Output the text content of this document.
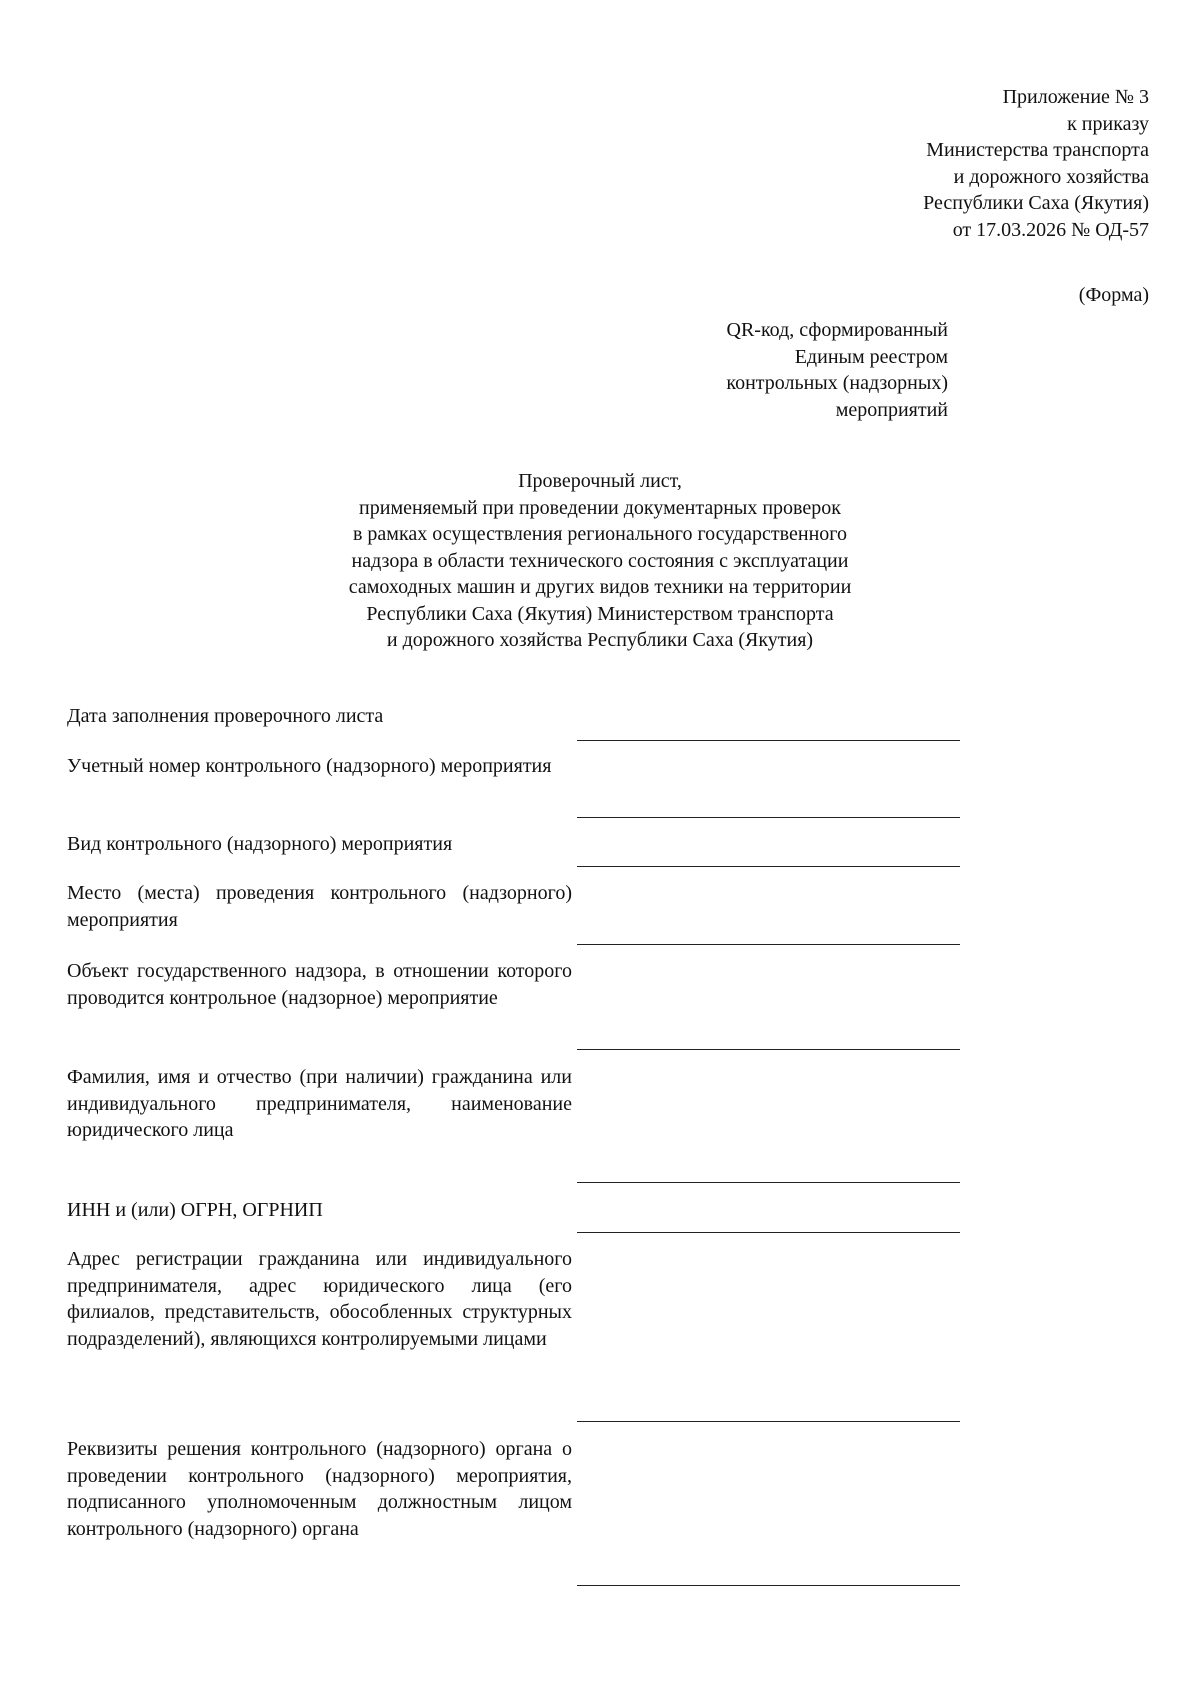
Приложение № 3
к приказу
Министерства транспорта
и дорожного хозяйства
Республики Саха (Якутия)
от 17.03.2026 № ОД-57
(Форма)
QR-код, сформированный
Единым реестром
контрольных (надзорных)
мероприятий
Проверочный лист,
применяемый при проведении документарных проверок
в рамках осуществления регионального государственного
надзора в области технического состояния с эксплуатации
самоходных машин и других видов техники на территории
Республики Саха (Якутия) Министерством транспорта
и дорожного хозяйства Республики Саха (Якутия)
Дата заполнения проверочного листа
Учетный номер контрольного (надзорного) мероприятия
Вид контрольного (надзорного) мероприятия
Место (места) проведения контрольного (надзорного) мероприятия
Объект государственного надзора, в отношении которого проводится контрольное (надзорное) мероприятие
Фамилия, имя и отчество (при наличии) гражданина или индивидуального предпринимателя, наименование юридического лица
ИНН и (или) ОГРН, ОГРНИП
Адрес регистрации гражданина или индивидуального предпринимателя, адрес юридического лица (его филиалов, представительств, обособленных структурных подразделений), являющихся контролируемыми лицами
Реквизиты решения контрольного (надзорного) органа о проведении контрольного (надзорного) мероприятия, подписанного уполномоченным должностным лицом контрольного (надзорного) органа
